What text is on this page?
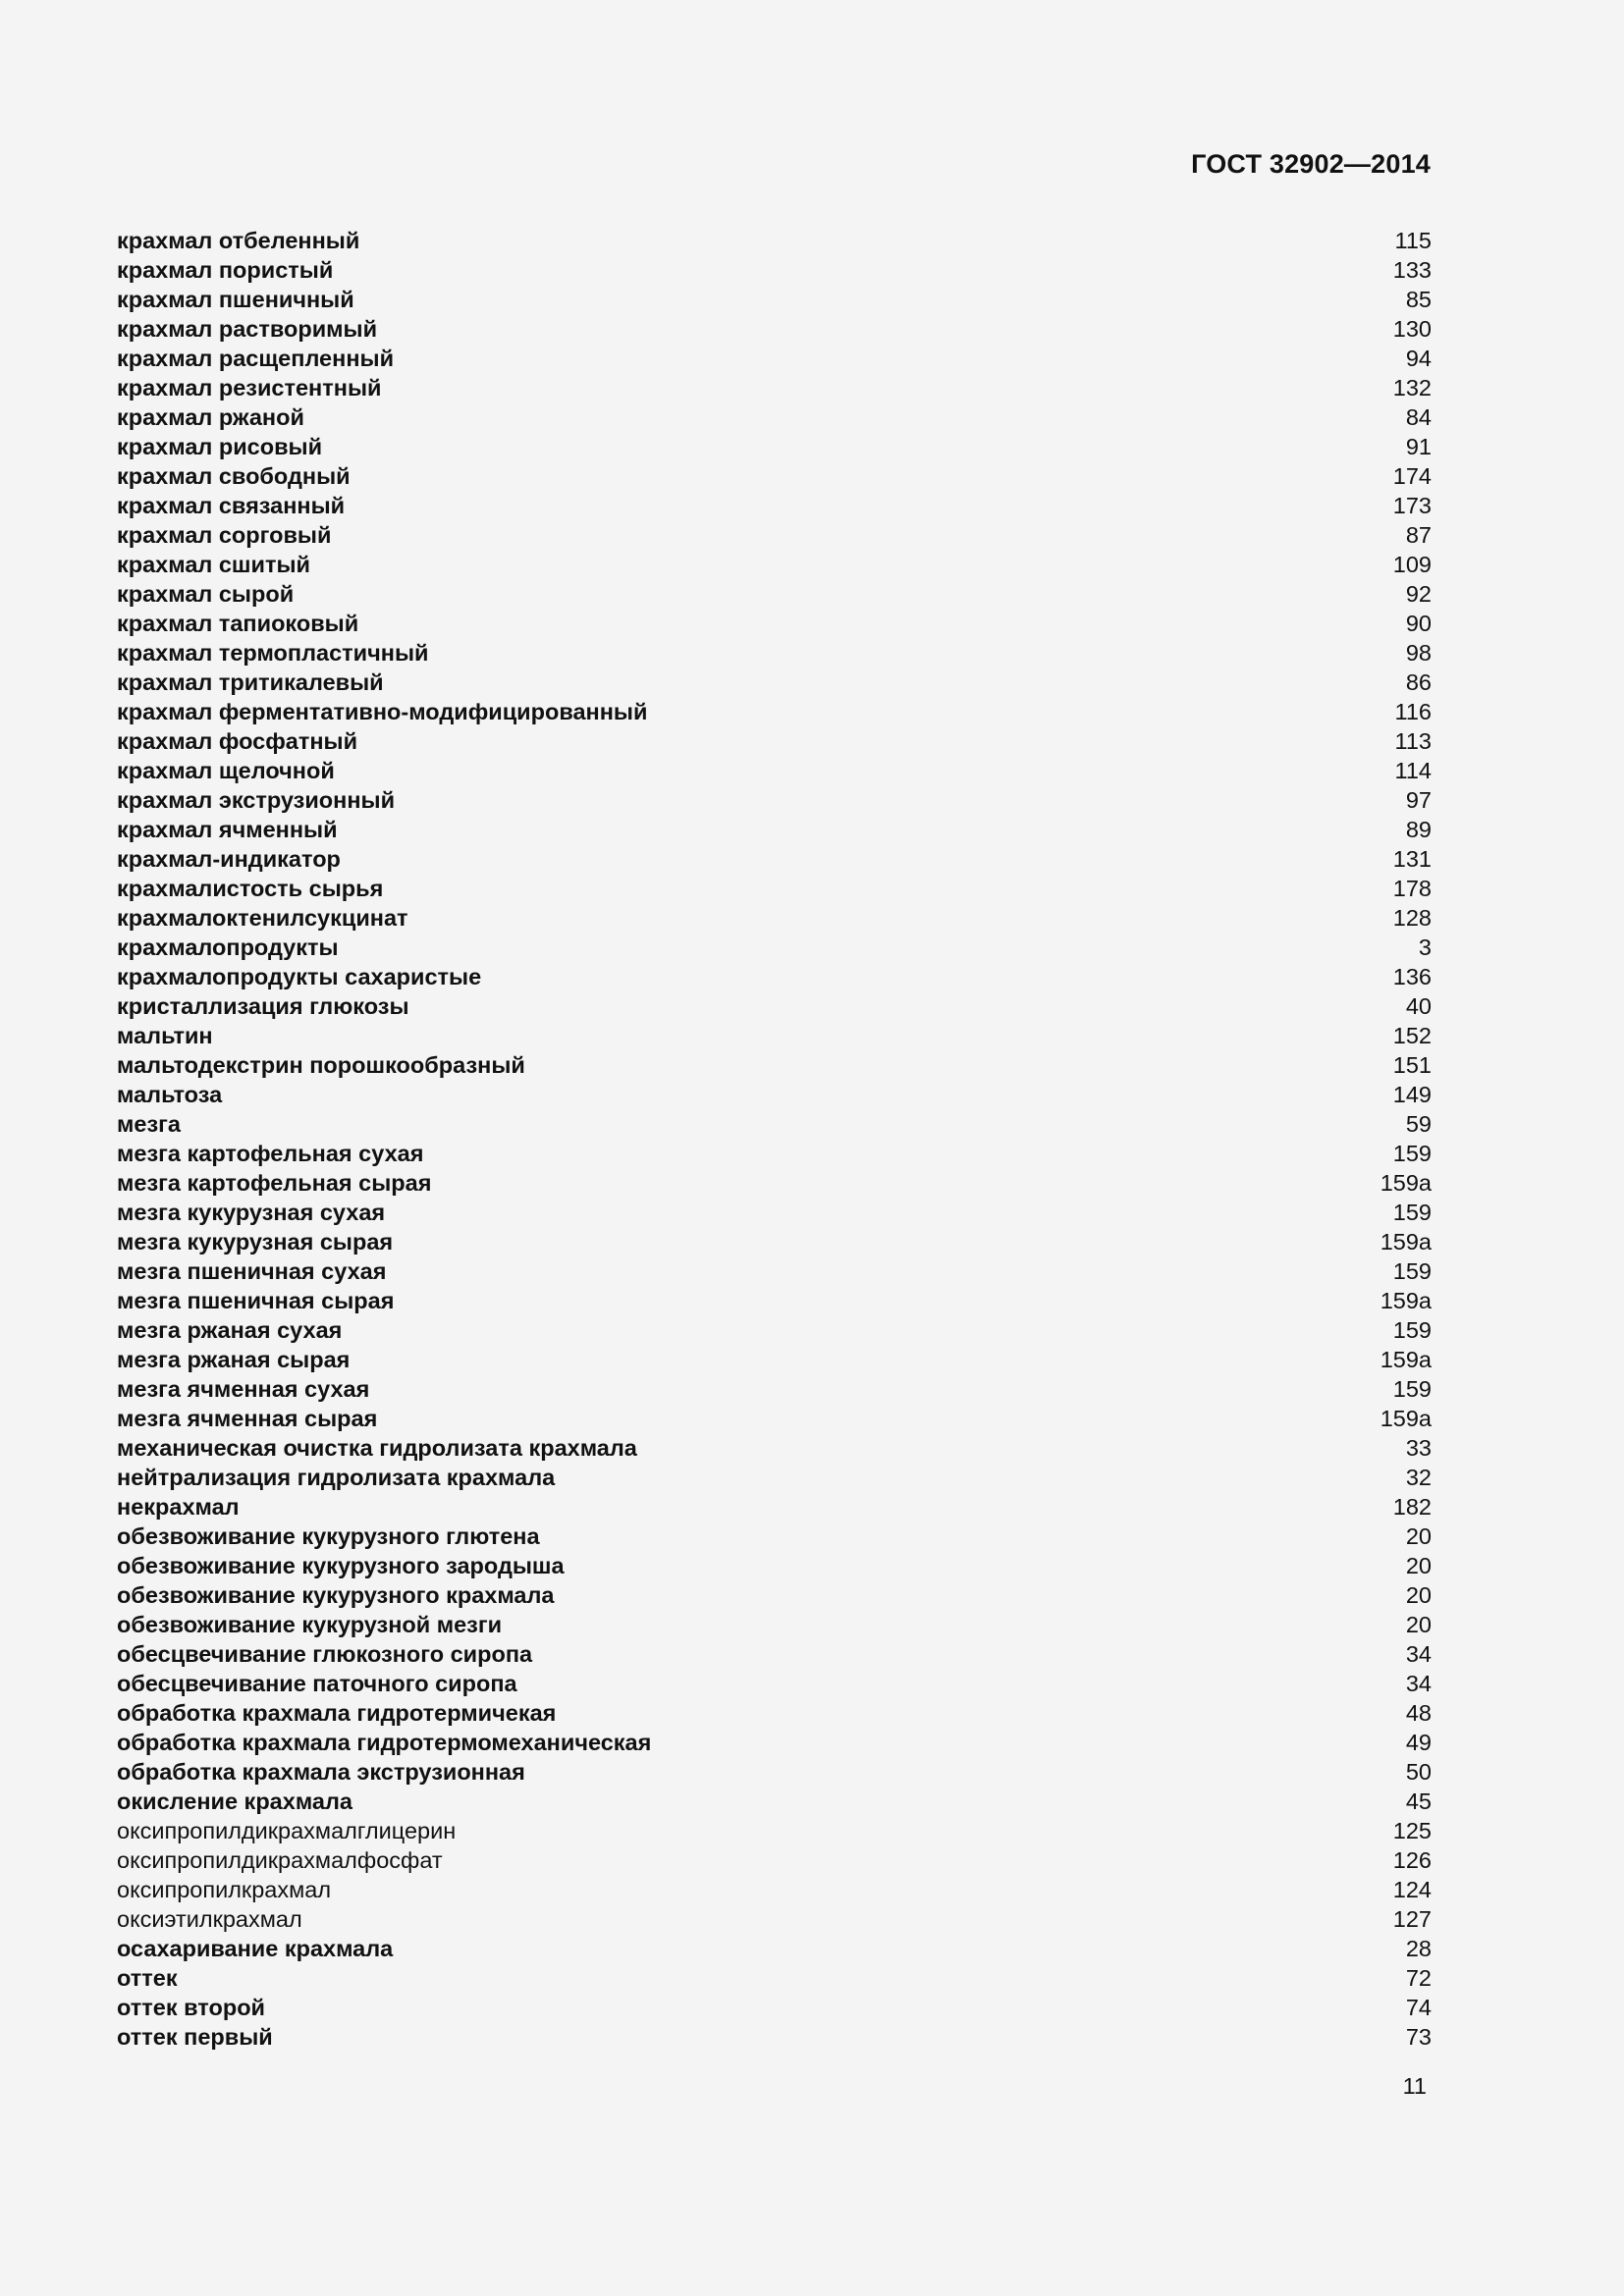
ГОСТ 32902—2014
крахмал отбеленный	115
крахмал пористый	133
крахмал пшеничный	85
крахмал растворимый	130
крахмал расщепленный	94
крахмал резистентный	132
крахмал ржаной	84
крахмал рисовый	91
крахмал свободный	174
крахмал связанный	173
крахмал сорговый	87
крахмал сшитый	109
крахмал сырой	92
крахмал тапиоковый	90
крахмал термопластичный	98
крахмал тритикалевый	86
крахмал ферментативно-модифицированный	116
крахмал фосфатный	113
крахмал щелочной	114
крахмал экструзионный	97
крахмал ячменный	89
крахмал-индикатор	131
крахмалистость сырья	178
крахмалоктенилсукцинат	128
крахмалопродукты	3
крахмалопродукты сахаристые	136
кристаллизация глюкозы	40
мальтин	152
мальтодекстрин порошкообразный	151
мальтоза	149
мезга	59
мезга картофельная сухая	159
мезга картофельная сырая	159а
мезга кукурузная сухая	159
мезга кукурузная сырая	159а
мезга пшеничная сухая	159
мезга пшеничная сырая	159а
мезга ржаная сухая	159
мезга ржаная сырая	159а
мезга ячменная сухая	159
мезга ячменная сырая	159а
механическая очистка гидролизата крахмала	33
нейтрализация гидролизата крахмала	32
некрахмал	182
обезвоживание кукурузного глютена	20
обезвоживание кукурузного зародыша	20
обезвоживание кукурузного крахмала	20
обезвоживание кукурузной мезги	20
обесцвечивание глюкозного сиропа	34
обесцвечивание паточного сиропа	34
обработка крахмала гидротермичекая	48
обработка крахмала гидротермомеханическая	49
обработка крахмала экструзионная	50
окисление крахмала	45
оксипропилдикрахмалглицерин	125
оксипропилдикрахмалфосфат	126
оксипропилкрахмал	124
оксиэтилкрахмал	127
осахаривание крахмала	28
оттек	72
оттек второй	74
оттек первый	73
11
